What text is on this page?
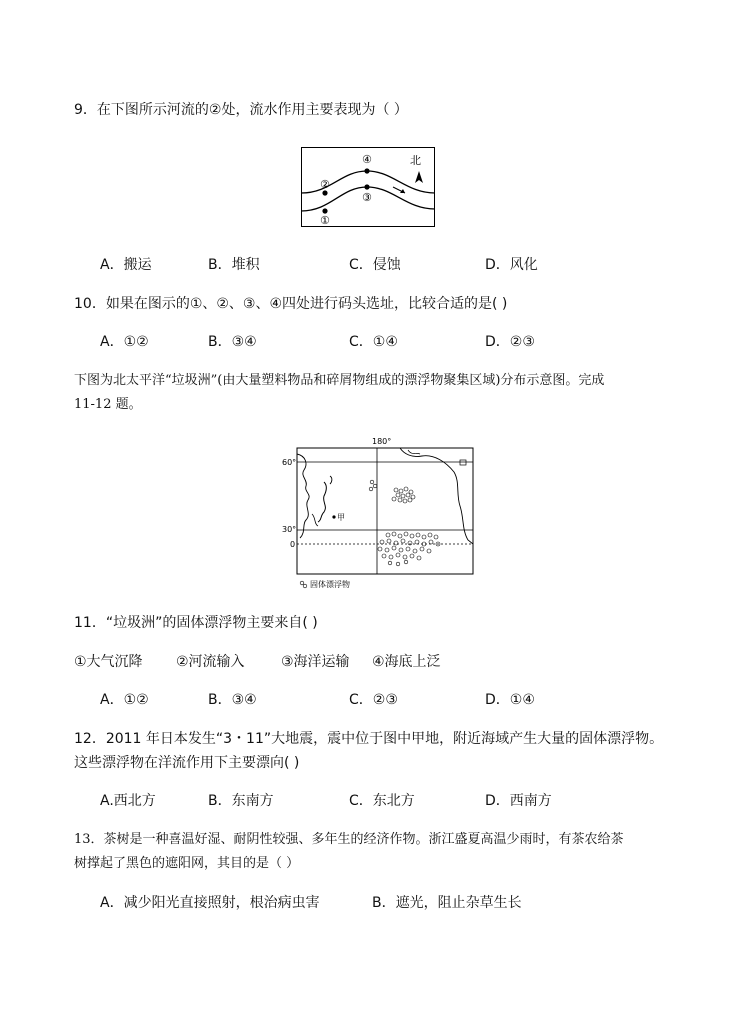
9．在下图所示河流的②处，流水作用主要表现为（ ）
②
①
④
③
北
A．搬运	B．堆积	C．侵蚀	D．风化
10．如果在图示的①、②、③、④四处进行码头选址，比较合适的是( )
A．①②	B．③④	C．①④	D．②③
下图为北太平洋“垃圾洲”(由大量塑料物品和碎屑物组成的漂浮物聚集区域)分布示意图。完成
11-12 题。
180°
60°
30°
0
甲
固体漂浮物
11．“垃圾洲”的固体漂浮物主要来自( )
①大气沉降 ②河流输入	③海洋运输 ④海底上泛
A．①②	B．③④	C．②③	D．①④
12．2011 年日本发生“3・11”大地震，震中位于图中甲地，附近海域产生大量的固体漂浮物。
这些漂浮物在洋流作用下主要漂向( )
A.西北方	B．东南方	C．东北方	D．西南方
13．茶树是一种喜温好湿、耐阴性较强、多年生的经济作物。浙江盛夏高温少雨时，有茶农给茶
树撑起了黑色的遮阳网，其目的是（ ）
A．减少阳光直接照射，根治病虫害	B．遮光，阻止杂草生长
